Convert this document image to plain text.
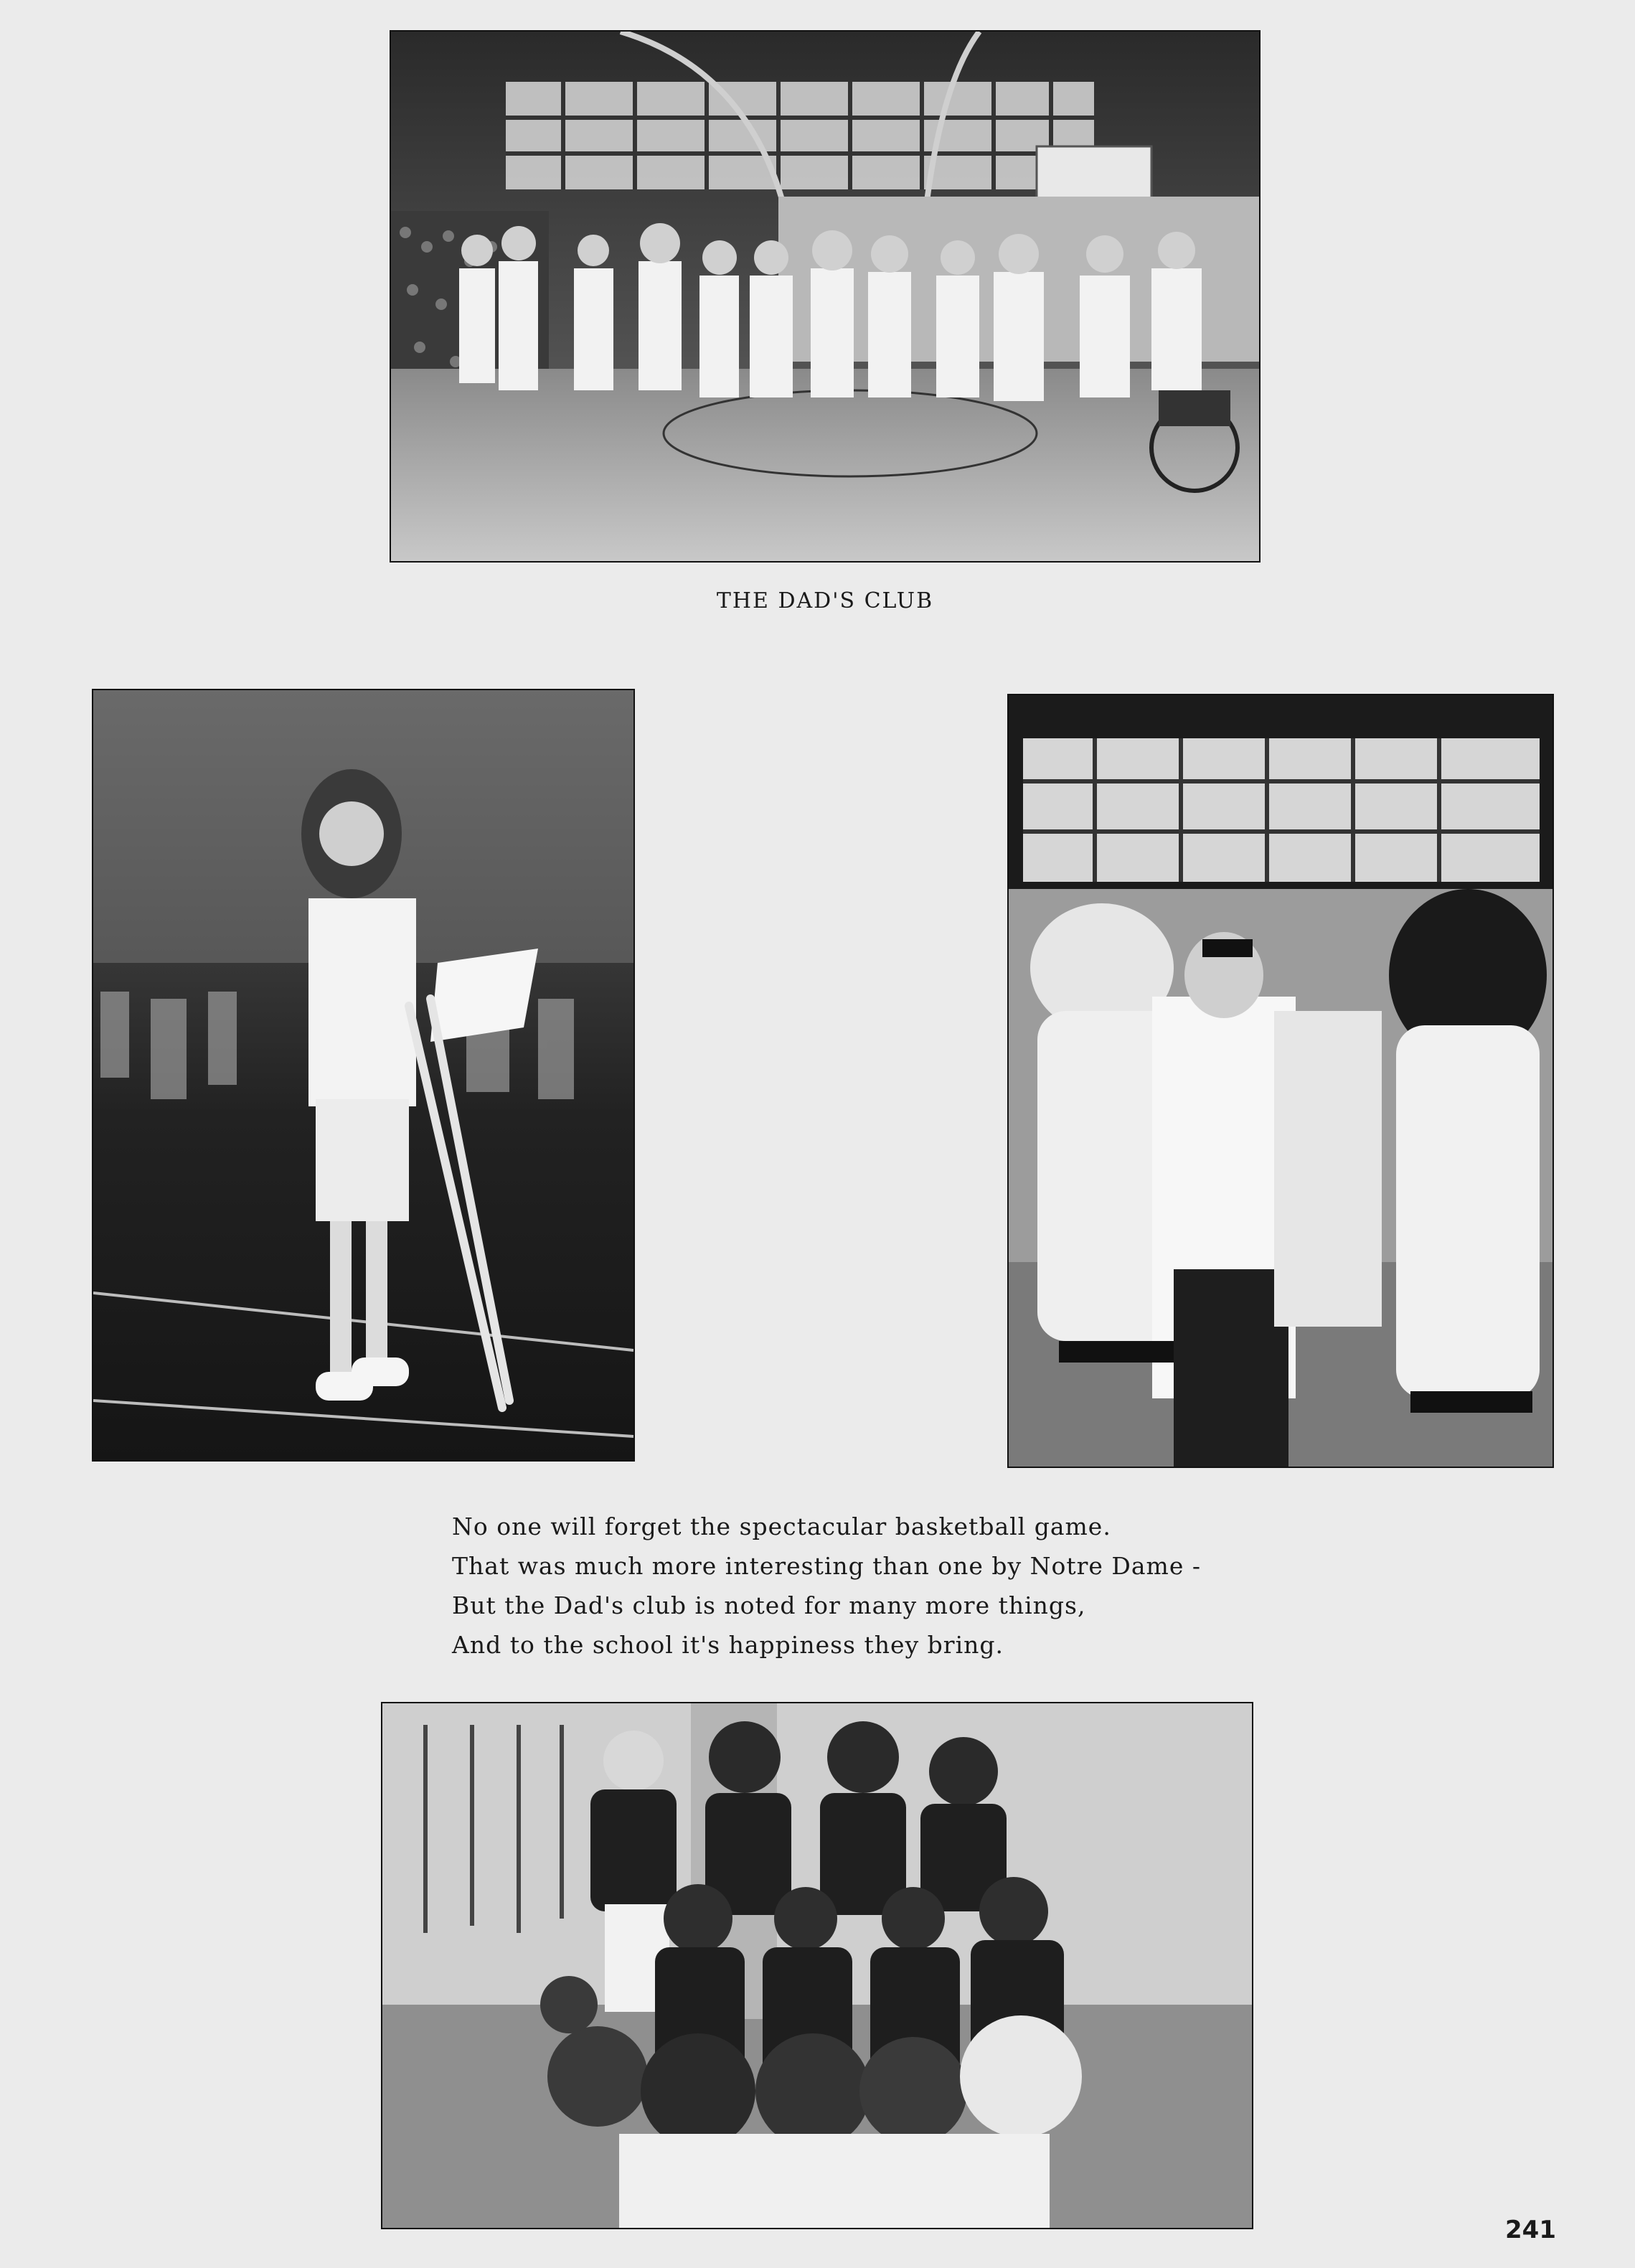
THE DAD'S CLUB
No one will forget the spectacular basketball game.
That was much more interesting than one by Notre Dame -
But the Dad's club is noted for many more things,
And to the school it's happiness they bring.
241
